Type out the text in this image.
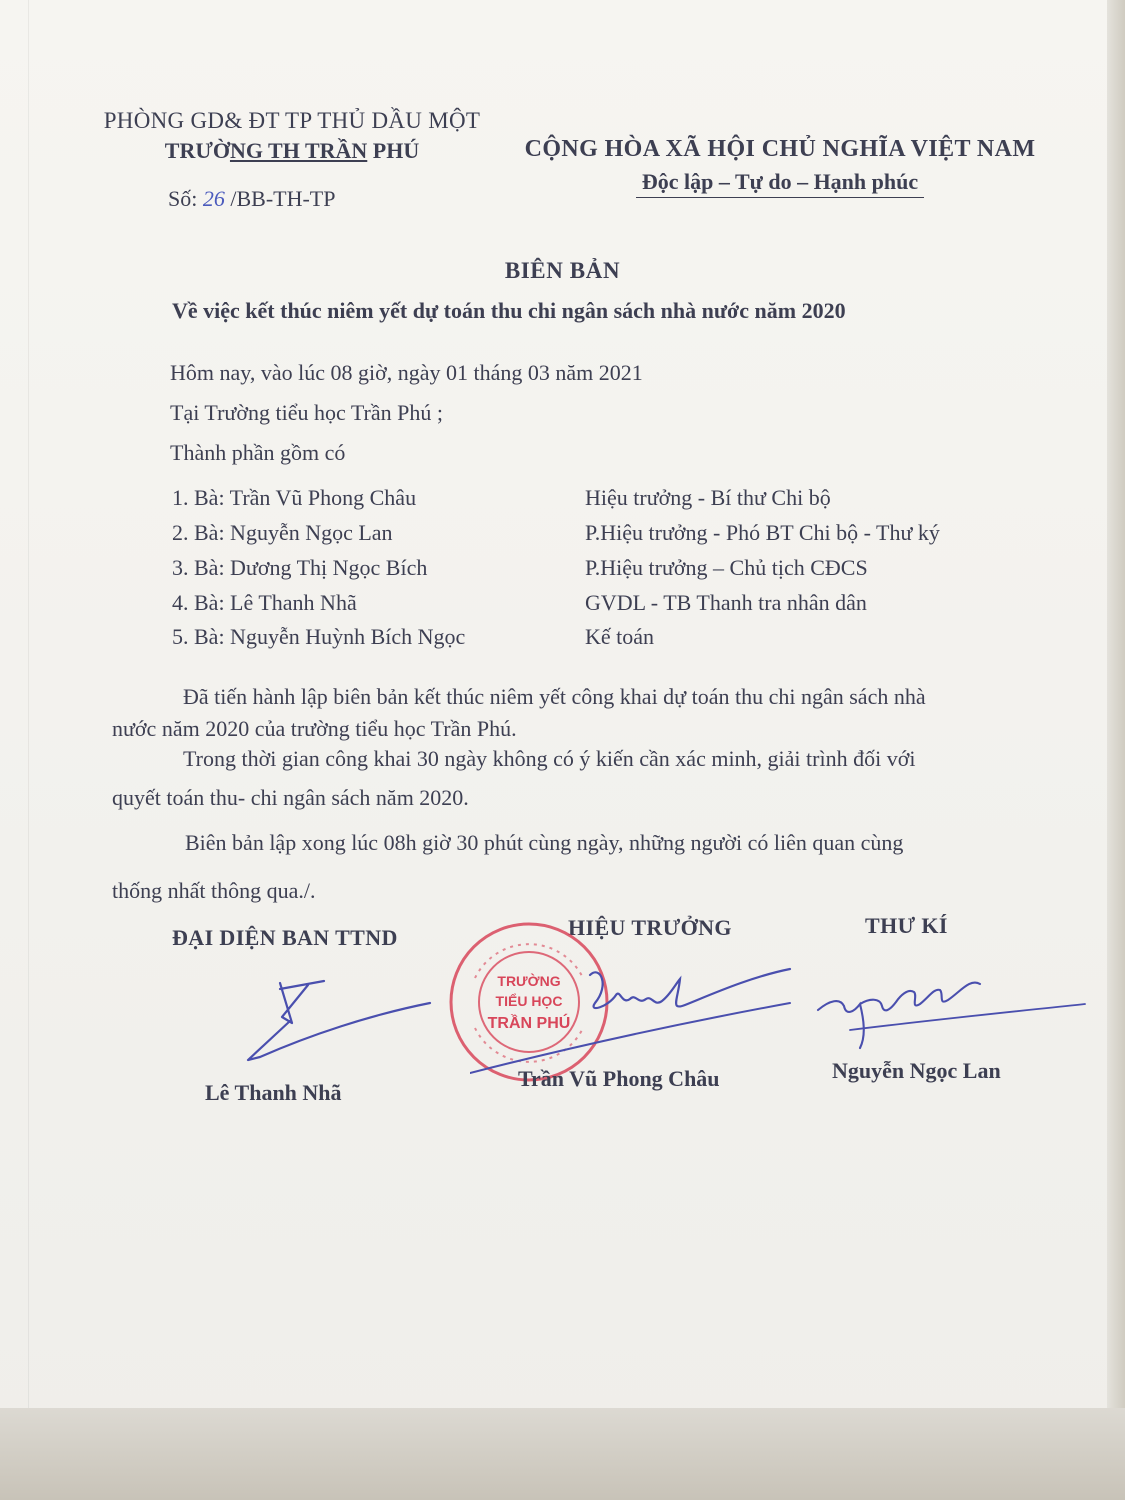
PHÒNG GD& ĐT TP THỦ DẦU MỘT
TRƯỜNG TH TRẦN PHÚ
Số: 26 /BB-TH-TP
CỘNG HÒA XÃ HỘI CHỦ NGHĨA VIỆT NAM
Độc lập – Tự do – Hạnh phúc
BIÊN BẢN
Về việc kết thúc niêm yết dự toán thu chi ngân sách nhà nước năm 2020
Hôm nay, vào lúc 08 giờ, ngày 01 tháng 03 năm 2021
Tại Trường tiểu học Trần Phú ;
Thành phần gồm có
1. Bà: Trần Vũ Phong Châu	Hiệu trưởng - Bí thư Chi bộ
2. Bà: Nguyễn Ngọc Lan	P.Hiệu trưởng - Phó BT Chi bộ - Thư ký
3. Bà: Dương Thị Ngọc Bích	P.Hiệu trưởng – Chủ tịch CĐCS
4. Bà: Lê Thanh Nhã	GVDL - TB Thanh tra nhân dân
5. Bà: Nguyễn Huỳnh Bích Ngọc	Kế toán
Đã tiến hành lập biên bản kết thúc niêm yết công khai dự toán thu chi ngân sách nhà
nước năm 2020 của trường tiểu học Trần Phú.
Trong thời gian công khai 30 ngày không có ý kiến cần xác minh, giải trình đối với
quyết toán thu- chi ngân sách năm 2020.
Biên bản lập xong lúc 08h giờ 30 phút cùng ngày, những người có liên quan cùng
thống nhất thông qua./.
ĐẠI DIỆN BAN TTND	HIỆU TRƯỞNG	THƯ KÍ
TRƯỜNG
TIỂU HỌC
TRẦN PHÚ
Lê Thanh Nhã
Trần Vũ Phong Châu	Nguyễn Ngọc Lan
